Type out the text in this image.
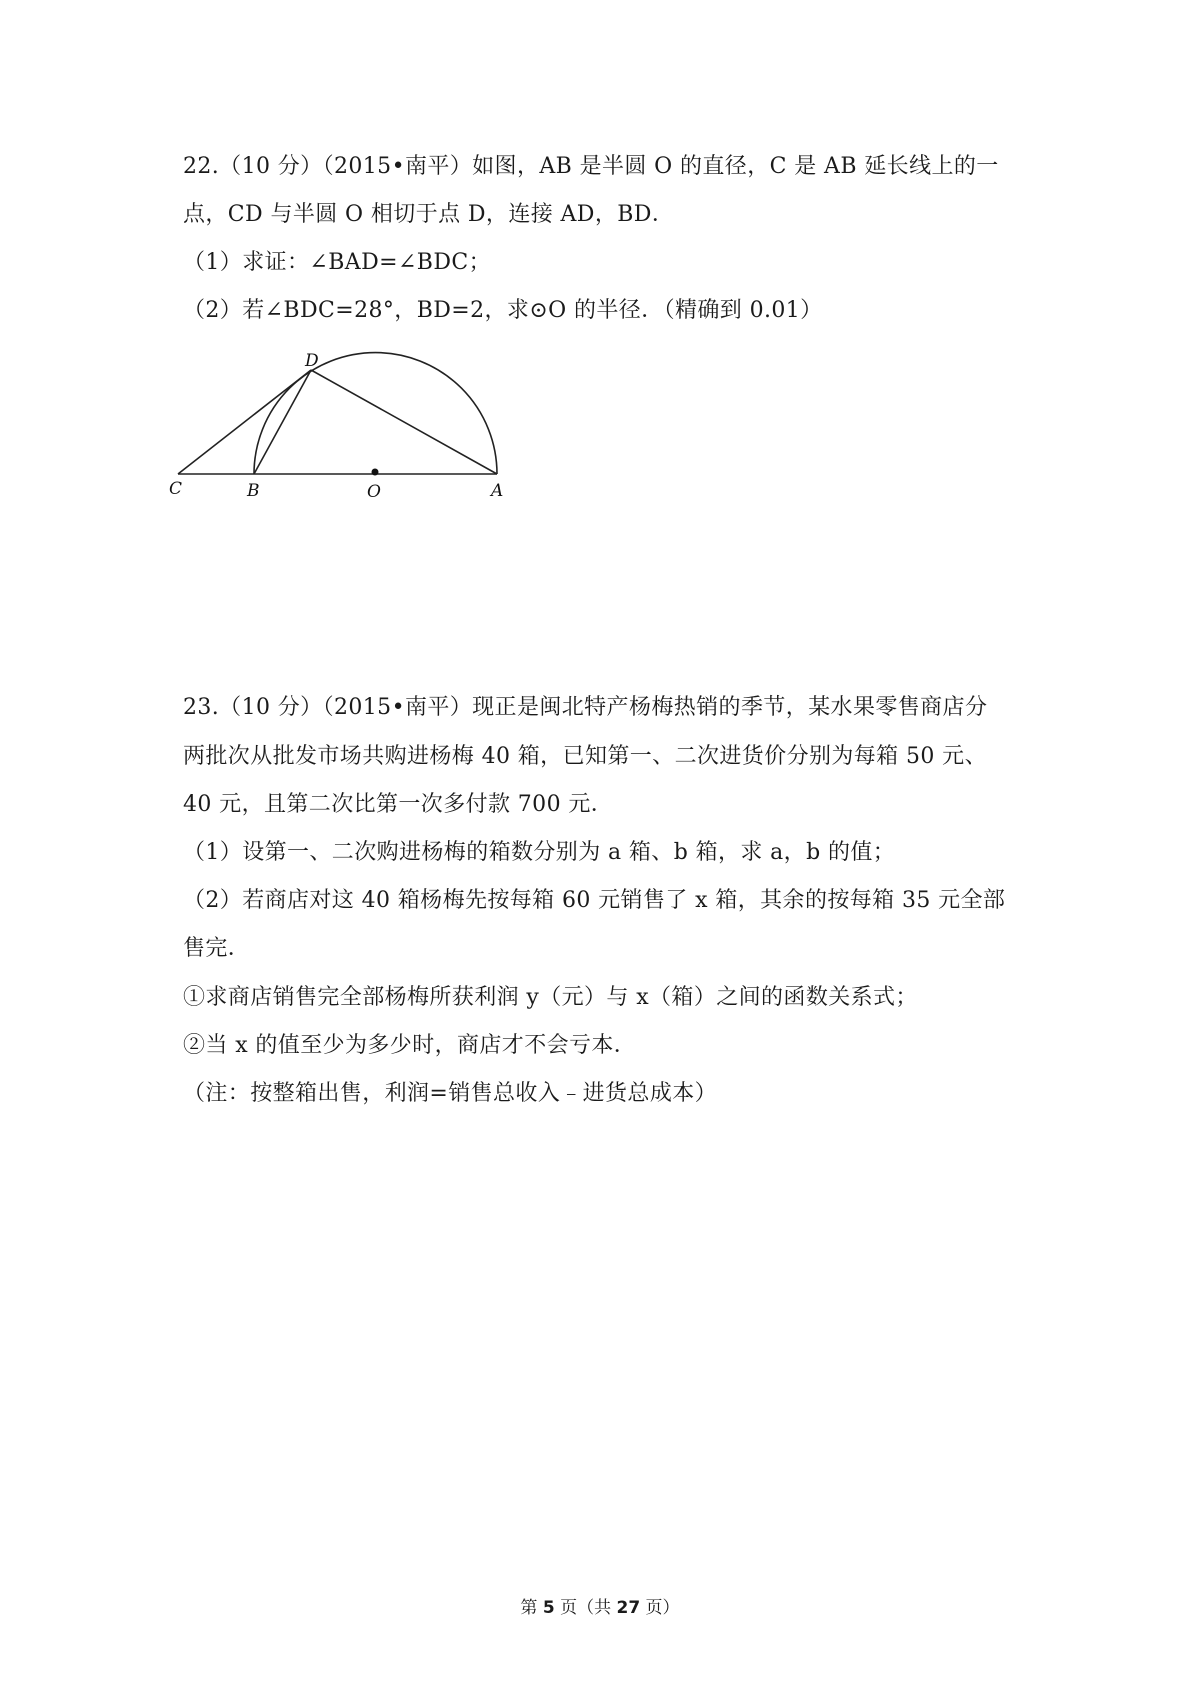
22.（10 分）（2015•南平）如图，AB 是半圆 O 的直径，C 是 AB 延长线上的一
点，CD 与半圆 O 相切于点 D，连接 AD，BD．
（1）求证：∠BAD=∠BDC；
（2）若∠BDC=28°，BD=2，求⊙O 的半径．（精确到 0.01）
D
C	B	O	A
23.（10 分）（2015•南平）现正是闽北特产杨梅热销的季节，某水果零售商店分
两批次从批发市场共购进杨梅 40 箱，已知第一、二次进货价分别为每箱 50 元、
40 元，且第二次比第一次多付款 700 元．
（1）设第一、二次购进杨梅的箱数分别为 a 箱、b 箱，求 a，b 的值；
（2）若商店对这 40 箱杨梅先按每箱 60 元销售了 x 箱，其余的按每箱 35 元全部
售完．
①求商店销售完全部杨梅所获利润 y（元）与 x（箱）之间的函数关系式；
②当 x 的值至少为多少时，商店才不会亏本．
（注：按整箱出售，利润=销售总收入﹣进货总成本）
第 5 页（共 27 页）
